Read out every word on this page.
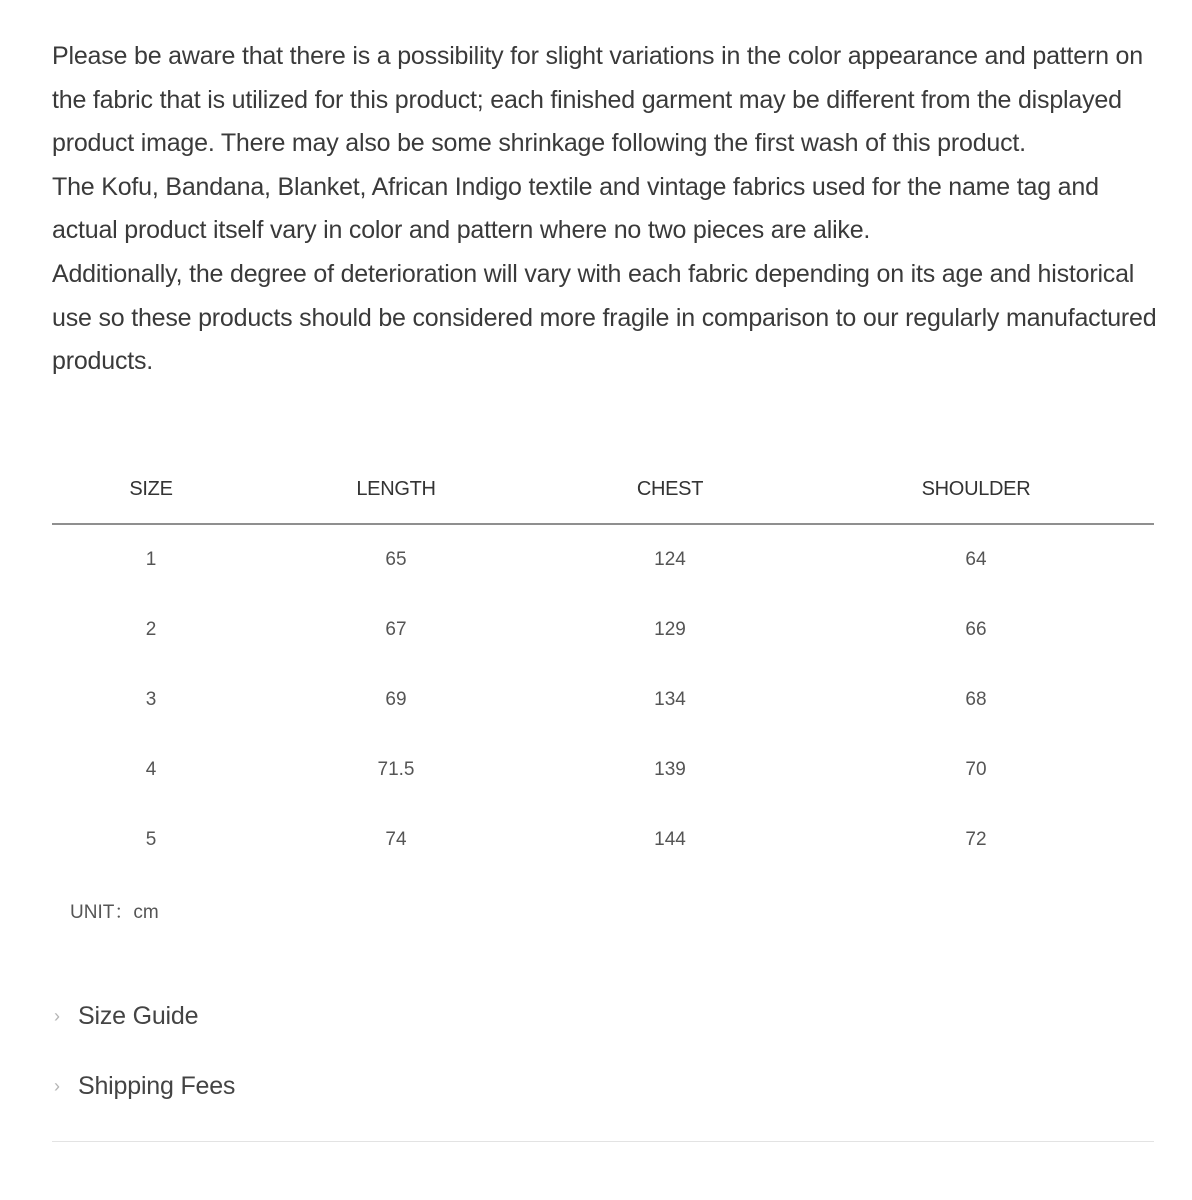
Please be aware that there is a possibility for slight variations in the color appearance and pattern on the fabric that is utilized for this product; each finished garment may be different from the displayed product image. There may also be some shrinkage following the first wash of this product.

The Kofu, Bandana, Blanket, African Indigo textile and vintage fabrics used for the name tag and actual product itself vary in color and pattern where no two pieces are alike.

Additionally, the degree of deterioration will vary with each fabric depending on its age and historical use so these products should be considered more fragile in comparison to our regularly manufactured products.

SIZE	LENGTH	CHEST	SHOULDER
1	65	124	64
2	67	129	66
3	69	134	68
4	71.5	139	70
5	74	144	72
UNIT：cm
› Size Guide
› Shipping Fees
